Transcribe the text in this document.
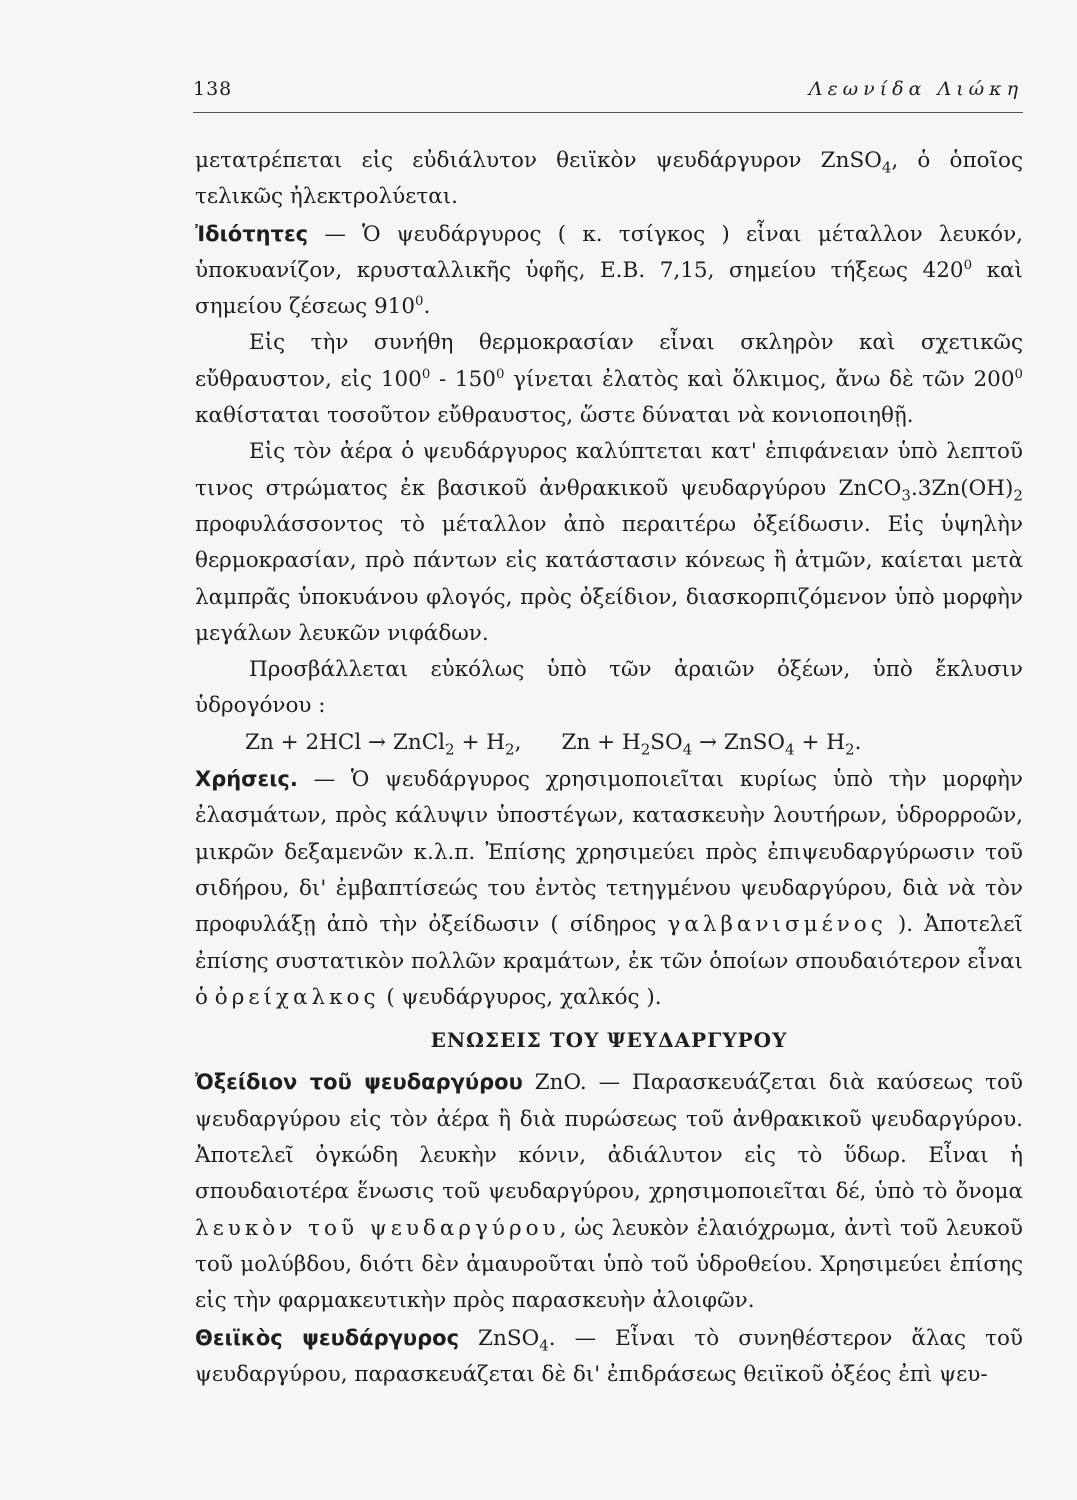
138	Λεωνίδα Λιώκη

μετατρέπεται εἰς εὐδιάλυτον θειϊκὸν ψευδάργυρον ZnSO$_4$, ὁ ὁποῖος τελικῶς ἠλεκτρολύεται.

Ἰδιότητες — Ὁ ψευδάργυρος ( κ. τσίγκος ) εἶναι μέταλλον λευκόν, ὑποκυανίζον, κρυσταλλικῆς ὑφῆς, Ε.Β. 7,15, σημείου τήξεως $420^0$ καὶ σημείου ζέσεως $910^0$.

Εἰς τὴν συνήθη θερμοκρασίαν εἶναι σκληρὸν καὶ σχετικῶς εὔθραυστον, εἰς $100^0 - 150^0$ γίνεται ἐλατὸς καὶ ὅλκιμος, ἄνω δὲ τῶν $200^0$ καθίσταται τοσοῦτον εὔθραυστος, ὥστε δύναται νὰ κονιοποιηθῇ.

Εἰς τὸν ἀέρα ὁ ψευδάργυρος καλύπτεται κατ' ἐπιφάνειαν ὑπὸ λεπτοῦ τινος στρώματος ἐκ βασικοῦ ἀνθρακικοῦ ψευδαργύρου $ZnCO_3.3Zn(OH)_2$ προφυλάσσοντος τὸ μέταλλον ἀπὸ περαιτέρω ὀξείδωσιν. Εἰς ὑψηλὴν θερμοκρασίαν, πρὸ πάντων εἰς κατάστασιν κόνεως ἢ ἀτμῶν, καίεται μετὰ λαμπρᾶς ὑποκυάνου φλογός, πρὸς ὀξείδιον, διασκορπιζόμενον ὑπὸ μορφὴν μεγάλων λευκῶν νιφάδων.

Προσβάλλεται εὐκόλως ὑπὸ τῶν ἀραιῶν ὀξέων, ὑπὸ ἔκλυσιν ὑδρογόνου :

Zn + 2HCl → ZnCl$_2$ + $H_2$, $Zn + H_2SO_4$ → ZnSO$_4$ + $H_2$.

Χρήσεις. — Ὁ ψευδάργυρος χρησιμοποιεῖται κυρίως ὑπὸ τὴν μορφὴν ἐλασμάτων, πρὸς κάλυψιν ὑποστέγων, κατασκευὴν λουτήρων, ὑδρορροῶν, μικρῶν δεξαμενῶν κ.λ.π. Ἐπίσης χρησιμεύει πρὸς ἐπιψευδαργύρωσιν τοῦ σιδήρου, δι' ἐμβαπτίσεώς του ἐντὸς τετηγμένου ψευδαργύρου, διὰ νὰ τὸν προφυλάξῃ ἀπὸ τὴν ὀξείδωσιν ( σίδηρος γαλβανισμένος ). Ἀποτελεῖ ἐπίσης συστατικὸν πολλῶν κραμάτων, ἐκ τῶν ὁποίων σπουδαιότερον εἶναι ὁ ὀρείχαλκος ( ψευδάργυρος, χαλκός ).

ΕΝΩΣΕΙΣ ΤΟΥ ΨΕΥΔΑΡΓΥΡΟΥ

Ὀξείδιον τοῦ ψευδαργύρου ZnO. — Παρασκευάζεται διὰ καύσεως τοῦ ψευδαργύρου εἰς τὸν ἀέρα ἢ διὰ πυρώσεως τοῦ ἀνθρακικοῦ ψευδαργύρου. Ἀποτελεῖ ὀγκώδη λευκὴν κόνιν, ἀδιάλυτον εἰς τὸ ὕδωρ. Εἶναι ἡ σπουδαιοτέρα ἕνωσις τοῦ ψευδαργύρου, χρησιμοποιεῖται δέ, ὑπὸ τὸ ὄνομα λευκὸν τοῦ ψευδαργύρου, ὡς λευκὸν ἐλαιόχρωμα, ἀντὶ τοῦ λευκοῦ τοῦ μολύβδου, διότι δὲν ἀμαυροῦται ὑπὸ τοῦ ὑδροθείου. Χρησιμεύει ἐπίσης εἰς τὴν φαρμακευτικὴν πρὸς παρασκευὴν ἀλοιφῶν.

Θειϊκὸς ψευδάργυρος ZnSO$_4$. — Εἶναι τὸ συνηθέστερον ἅλας τοῦ ψευδαργύρου, παρασκευάζεται δὲ δι' ἐπιδράσεως θειϊκοῦ ὀξέος ἐπὶ ψευ-
